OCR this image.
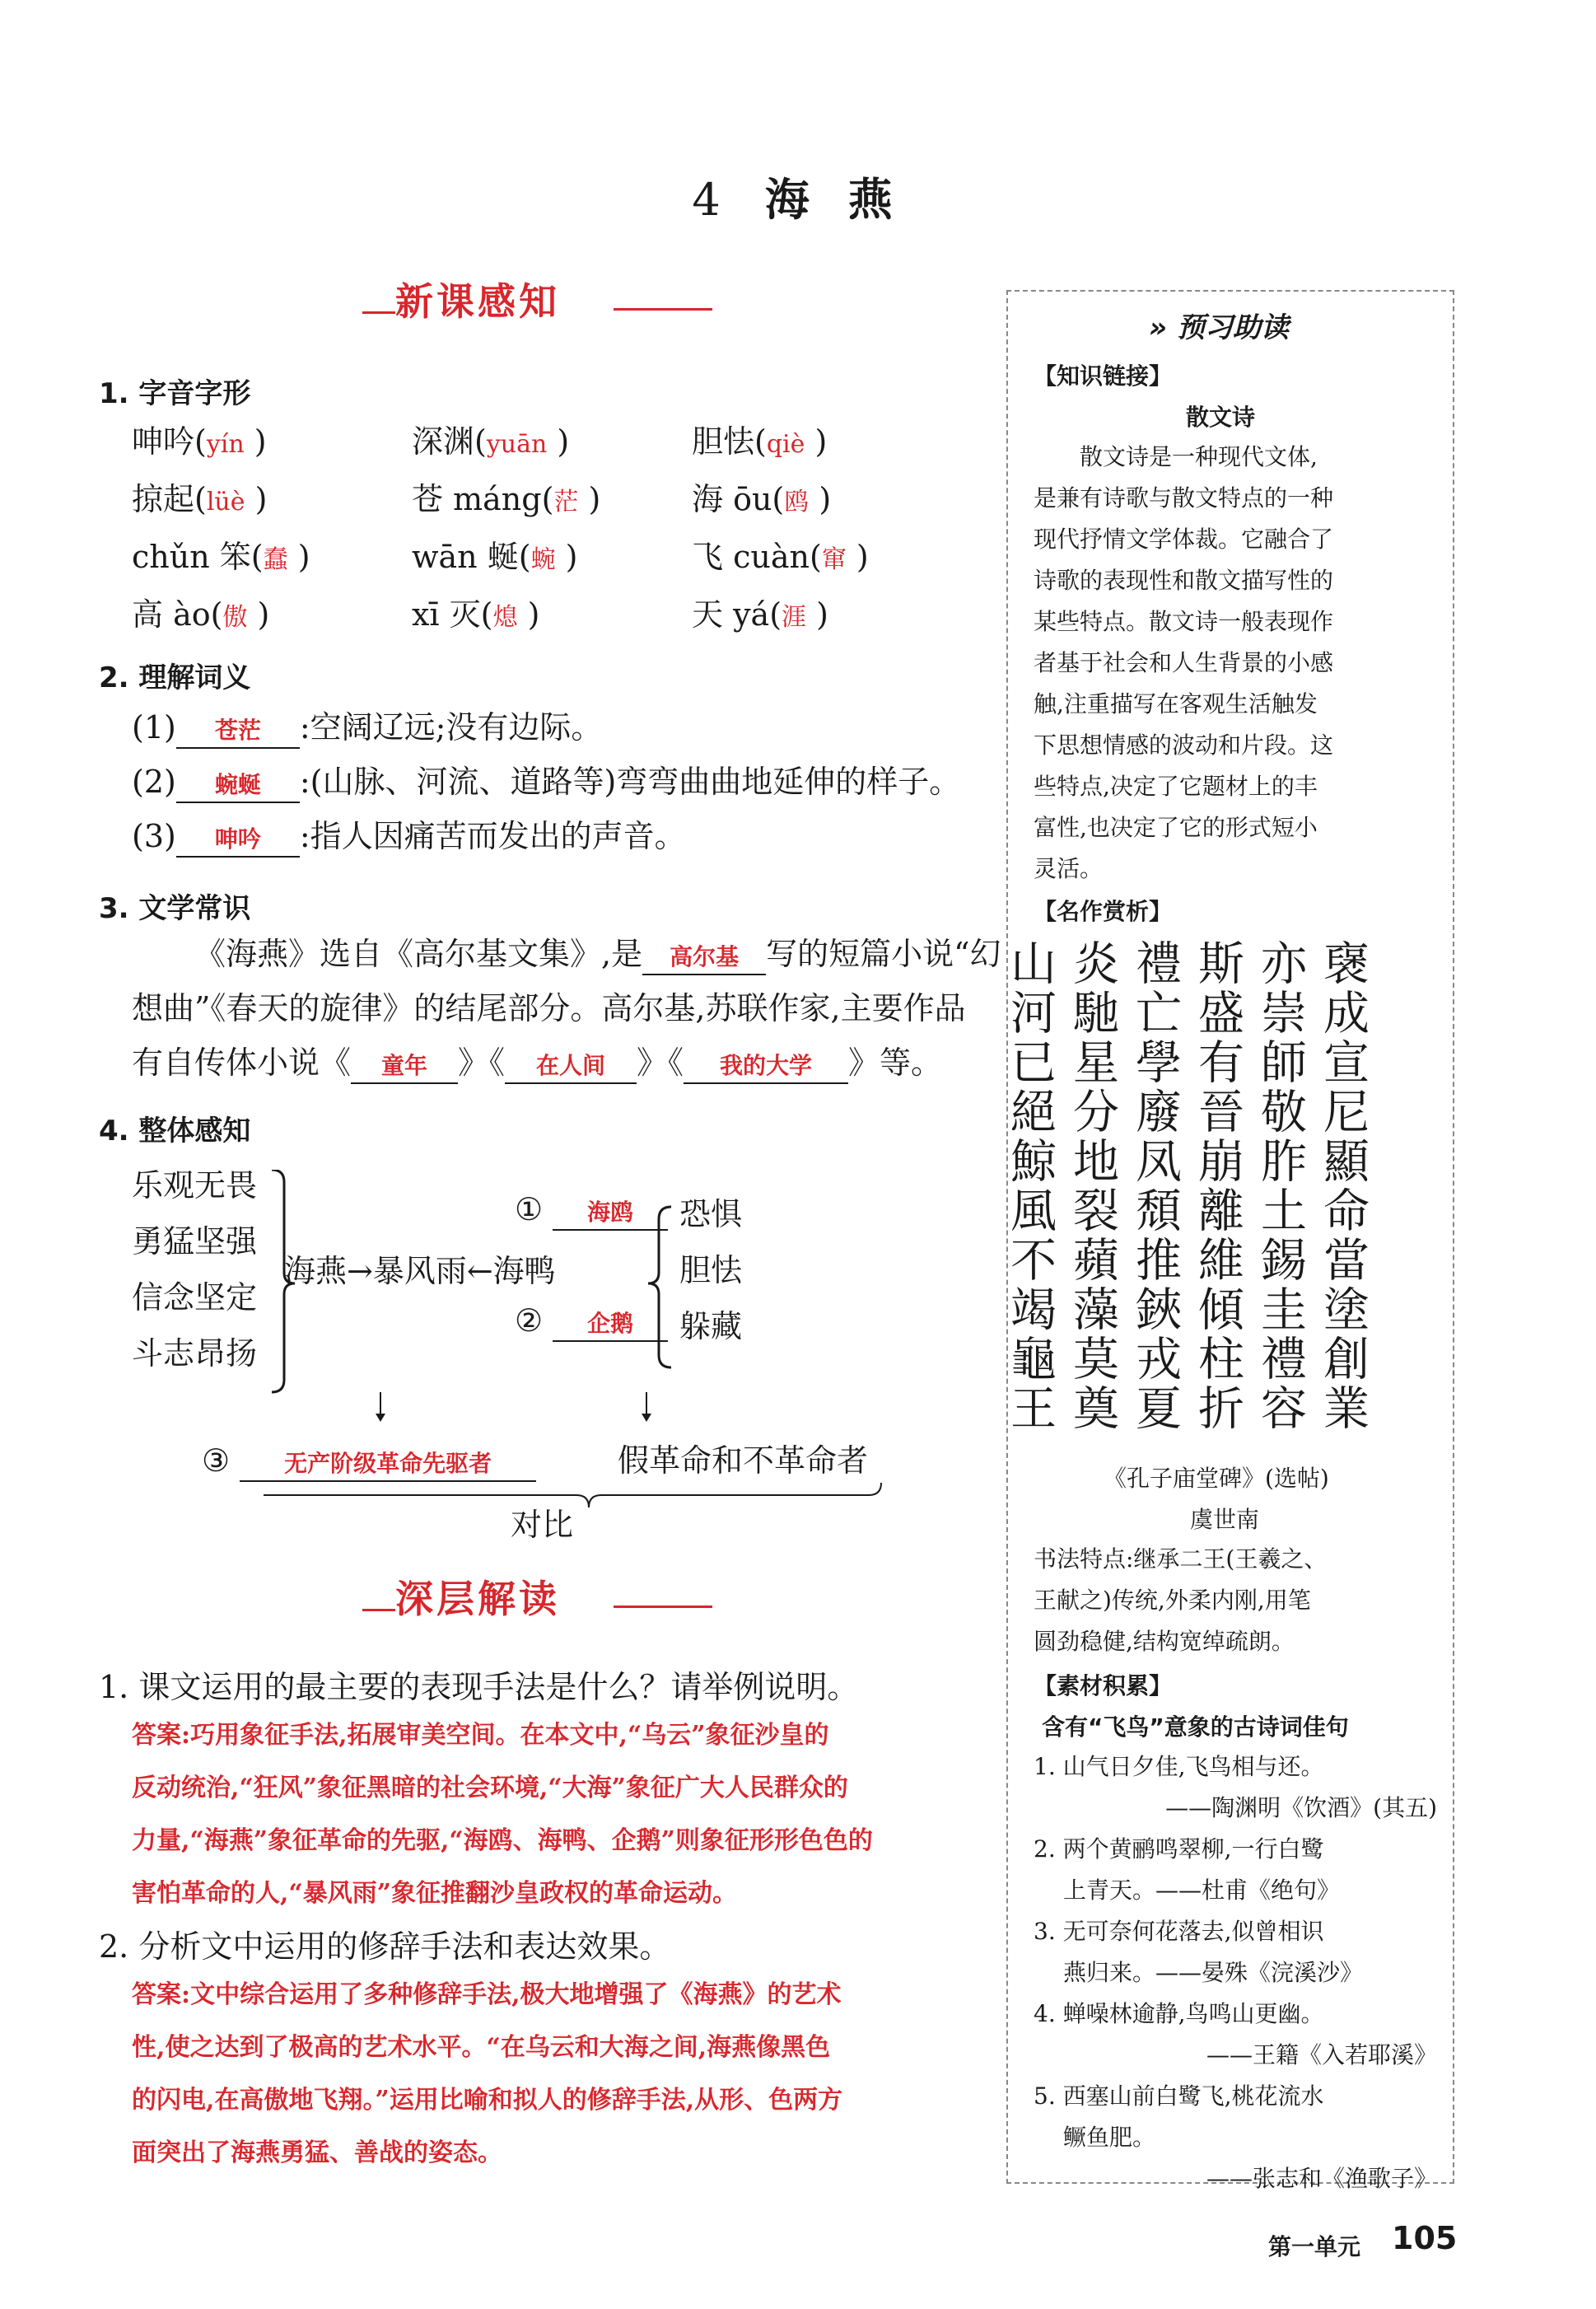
4 海 燕
新课感知
1. 字音字形
呻吟(yín )	深渊(yuān )	胆怯(qiè )
掠起(lüè )	苍 máng(茫 )	海 ōu(鸥 )
chǔn 笨(蠢 )	wān 蜒(蜿 )	飞 cuàn(窜 )
高 ào(傲 )	xī 灭(熄 )	天 yá(涯 )
2. 理解词义
(1) 苍茫 :空阔辽远;没有边际。
(2) 蜿蜒 :(山脉、河流、道路等)弯弯曲曲地延伸的样子。
(3) 呻吟 :指人因痛苦而发出的声音。
3. 文学常识
《海燕》选自《高尔基文集》,是 高尔基 写的短篇小说“幻
想曲”《春天的旋律》的结尾部分。高尔基,苏联作家,主要作品
有自传体小说《 童年 》《 在人间 》《 我的大学 》等。
4. 整体感知
乐观无畏
勇猛坚强
信念坚定
斗志昂扬
海燕→暴风雨←海鸭
① 海鸥
② 企鹅
恐惧
胆怯
躲藏
③ 无产阶级革命先驱者	假革命和不革命者
对比
深层解读
1. 课文运用的最主要的表现手法是什么？请举例说明。
答案:巧用象征手法,拓展审美空间。在本文中,“乌云”象征沙皇的
反动统治,“狂风”象征黑暗的社会环境,“大海”象征广大人民群众的
力量,“海燕”象征革命的先驱,“海鸥、海鸭、企鹅”则象征形形色色的
害怕革命的人,“暴风雨”象征推翻沙皇政权的革命运动。
2. 分析文中运用的修辞手法和表达效果。
答案:文中综合运用了多种修辞手法,极大地增强了《海燕》的艺术
性,使之达到了极高的艺术水平。“在乌云和大海之间,海燕像黑色
的闪电,在高傲地飞翔。”运用比喻和拟人的修辞手法,从形、色两方
面突出了海燕勇猛、善战的姿态。
» 预习助读
【知识链接】
散文诗
散文诗是一种现代文体,
是兼有诗歌与散文特点的一种
现代抒情文学体裁。它融合了
诗歌的表现性和散文描写性的
某些特点。散文诗一般表现作
者基于社会和人生背景的小感
触,注重描写在客观生活触发
下思想情感的波动和片段。这
些特点,决定了它题材上的丰
富性,也决定了它的形式短小
灵活。
【名作赏析】
襃成宣尼顯命當塗創業
亦崇師敬胙土錫圭禮容
斯盛有晉崩離維傾柱折
禮亡學廢凤頹推鋏戎夏
炎馳星分地裂蘋藻莫奠
山河已絕鯨風不竭龜王
《孔子庙堂碑》(选帖)
虞世南
书法特点:继承二王(王羲之、
王献之)传统,外柔内刚,用笔
圆劲稳健,结构宽绰疏朗。
【素材积累】
含有“飞鸟”意象的古诗词佳句
1. 山气日夕佳,飞鸟相与还。
——陶渊明《饮酒》(其五)
2. 两个黄鹂鸣翠柳,一行白鹭
上青天。——杜甫《绝句》
3. 无可奈何花落去,似曾相识
燕归来。——晏殊《浣溪沙》
4. 蝉噪林逾静,鸟鸣山更幽。
——王籍《入若耶溪》
5. 西塞山前白鹭飞,桃花流水
鳜鱼肥。
——张志和《渔歌子》
第一单元 105
